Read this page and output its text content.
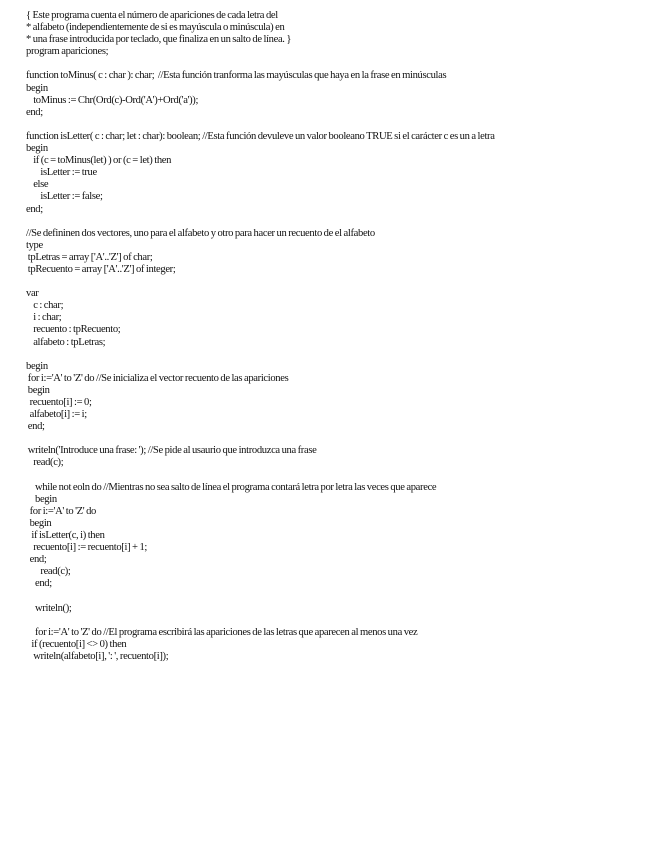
{ Este programa cuenta el número de apariciones de cada letra del
* alfabeto (independientemente de si es mayúscula o minúscula) en
* una frase introducida por teclado, que finaliza en un salto de línea. }
program apariciones;
function toMinus( c : char ): char;  //Esta función tranforma las mayúsculas que haya en la frase en minúsculas
begin
toMinus := Chr(Ord(c)-Ord('A')+Ord('a'));
end;
function isLetter( c : char; let : char): boolean; //Esta función devuleve un valor booleano TRUE si el carácter c es un a letra
begin
if (c = toMinus(let) ) or (c = let) then
isLetter := true
else
isLetter := false;
end;
//Se defininen dos vectores, uno para el alfabeto y otro para hacer un recuento de el alfabeto
type
tpLetras = array ['A'..'Z'] of char;
tpRecuento = array ['A'..'Z'] of integer;
var
c : char;
i : char;
recuento : tpRecuento;
alfabeto : tpLetras;
begin
for i:='A' to 'Z' do //Se inicializa el vector recuento de las apariciones
begin
recuento[i] := 0;
alfabeto[i] := i;
end;
writeln('Introduce una frase: '); //Se pide al usaurio que introduzca una frase
read(c);
while not eoln do //Mientras no sea salto de línea el programa contará letra por letra las veces que aparece
begin
for i:='A' to 'Z' do
begin
if isLetter(c, i) then
recuento[i] := recuento[i] + 1;
end;
read(c);
end;
writeln();
for i:='A' to 'Z' do //El programa escribirá las apariciones de las letras que aparecen al menos una vez
if (recuento[i] <> 0) then
writeln(alfabeto[i], ': ', recuento[i]);
